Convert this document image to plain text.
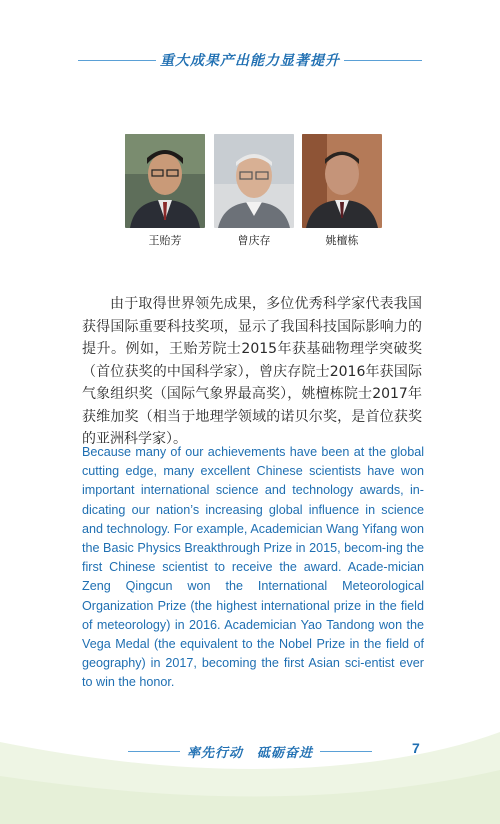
重大成果产出能力显著提升
王贻芳	曾庆存	姚檀栋

由于取得世界领先成果，多位优秀科学家代表我国获得国际重要科技奖项，显示了我国科技国际影响力的提升。例如，王贻芳院士2015年获基础物理学突破奖（首位获奖的中国科学家），曾庆存院士2016年获国际气象组织奖（国际气象界最高奖），姚檀栋院士2017年获维加奖（相当于地理学领域的诺贝尔奖，是首位获奖的亚洲科学家）。

Because many of our achievements have been at the global cutting edge, many excellent Chinese scientists have won important international science and technology awards, in-dicating our nation’s increasing global influence in science and technology. For example, Academician Wang Yifang won the Basic Physics Breakthrough Prize in 2015, becom-ing the first Chinese scientist to receive the award. Acade-mician Zeng Qingcun won the International Meteorological Organization Prize (the highest international prize in the field of meteorology) in 2016. Academician Yao Tandong won the Vega Medal (the equivalent to the Nobel Prize in the field of geography) in 2017, becoming the first Asian sci-entist ever to win the honor.

率先行动　砥砺奋进	7
